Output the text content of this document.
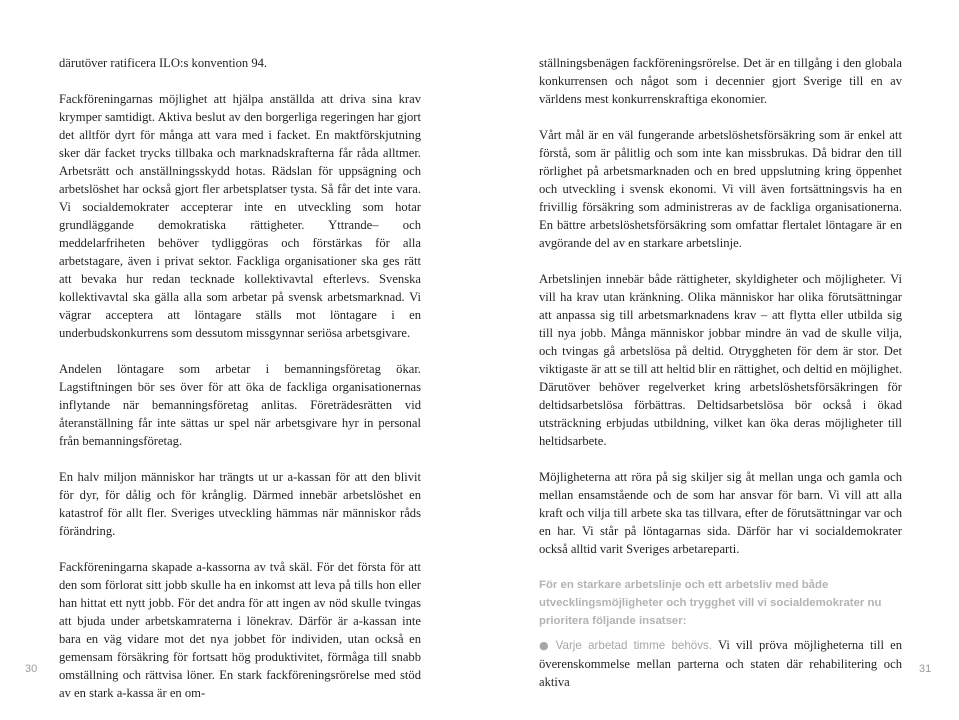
därutöver ratificera ILO:s konvention 94.

Fackföreningarnas möjlighet att hjälpa anställda att driva sina krav krymper samtidigt. Aktiva beslut av den borgerliga regeringen har gjort det alltför dyrt för många att vara med i facket. En maktförskjutning sker där facket trycks tillbaka och marknadskrafterna får råda alltmer. Arbetsrätt och anställningsskydd hotas. Rädslan för uppsägning och arbetslöshet har också gjort fler arbetsplatser tysta. Så får det inte vara. Vi socialdemokrater accepterar inte en utveckling som hotar grundläggande demokratiska rättigheter. Yttrande– och meddelarfriheten behöver tydliggöras och förstärkas för alla arbetstagare, även i privat sektor. Fackliga organisationer ska ges rätt att bevaka hur redan tecknade kollektivavtal efterlevs. Svenska kollektivavtal ska gälla alla som arbetar på svensk arbetsmarknad. Vi vägrar acceptera att löntagare ställs mot löntagare i en underbudskonkurrens som dessutom missgynnar seriösa arbetsgivare.

Andelen löntagare som arbetar i bemanningsföretag ökar. Lagstiftningen bör ses över för att öka de fackliga organisationernas inflytande när bemanningsföretag anlitas. Företrädesrätten vid återanställning får inte sättas ur spel när arbetsgivare hyr in personal från bemanningsföretag.

En halv miljon människor har trängts ut ur a-kassan för att den blivit för dyr, för dålig och för krånglig. Därmed innebär arbetslöshet en katastrof för allt fler. Sveriges utveckling hämmas när människor råds förändring.

Fackföreningarna skapade a-kassorna av två skäl. För det första för att den som förlorat sitt jobb skulle ha en inkomst att leva på tills hon eller han hittat ett nytt jobb. För det andra för att ingen av nöd skulle tvingas att bjuda under arbetskamraterna i lönekrav. Därför är a-kassan inte bara en väg vidare mot det nya jobbet för individen, utan också en gemensam försäkring för fortsatt hög produktivitet, förmåga till snabb omställning och rättvisa löner. En stark fackföreningsrörelse med stöd av en stark a-kassa är en om-

ställningsbenägen fackföreningsrörelse. Det är en tillgång i den globala konkurrensen och något som i decennier gjort Sverige till en av världens mest konkurrenskraftiga ekonomier.

Vårt mål är en väl fungerande arbetslöshetsförsäkring som är enkel att förstå, som är pålitlig och som inte kan missbrukas. Då bidrar den till rörlighet på arbetsmarknaden och en bred uppslutning kring öppenhet och utveckling i svensk ekonomi. Vi vill även fortsättningsvis ha en frivillig försäkring som administreras av de fackliga organisationerna. En bättre arbetslöshetsförsäkring som omfattar flertalet löntagare är en avgörande del av en starkare arbetslinje.

Arbetslinjen innebär både rättigheter, skyldigheter och möjligheter. Vi vill ha krav utan kränkning. Olika människor har olika förutsättningar att anpassa sig till arbetsmarknadens krav – att flytta eller utbilda sig till nya jobb. Många människor jobbar mindre än vad de skulle vilja, och tvingas gå arbetslösa på deltid. Otryggheten för dem är stor. Det viktigaste är att se till att heltid blir en rättighet, och deltid en möjlighet. Därutöver behöver regelverket kring arbetslöshetsförsäkringen för deltidsarbetslösa förbättras. Deltidsarbetslösa bör också i ökad utsträckning erbjudas utbildning, vilket kan öka deras möjligheter till heltidsarbete.

Möjligheterna att röra på sig skiljer sig åt mellan unga och gamla och mellan ensamstående och de som har ansvar för barn. Vi vill att alla kraft och vilja till arbete ska tas tillvara, efter de förutsättningar var och en har. Vi står på löntagarnas sida. Därför har vi socialdemokrater också alltid varit Sveriges arbetareparti.

För en starkare arbetslinje och ett arbetsliv med både utvecklingsmöjligheter och trygghet vill vi socialdemokrater nu prioritera följande insatser:

● Varje arbetad timme behövs. Vi vill pröva möjligheterna till en överenskommelse mellan parterna och staten där rehabilitering och aktiva

30	31
